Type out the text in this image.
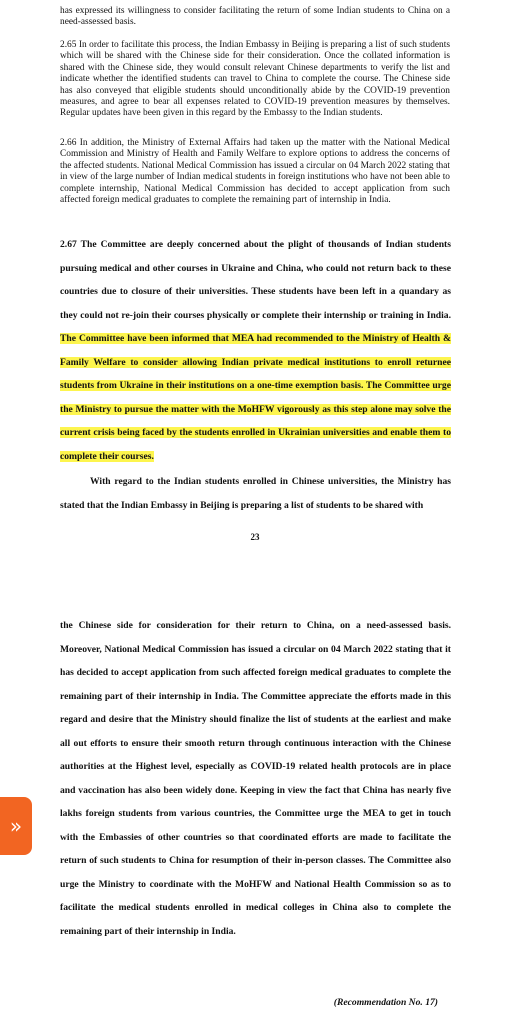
has expressed its willingness to consider facilitating the return of some Indian students to China on a need-assessed basis.

2.65 In order to facilitate this process, the Indian Embassy in Beijing is preparing a list of such students which will be shared with the Chinese side for their consideration. Once the collated information is shared with the Chinese side, they would consult relevant Chinese departments to verify the list and indicate whether the identified students can travel to China to complete the course. The Chinese side has also conveyed that eligible students should unconditionally abide by the COVID-19 prevention measures, and agree to bear all expenses related to COVID-19 prevention measures by themselves. Regular updates have been given in this regard by the Embassy to the Indian students.

2.66 In addition, the Ministry of External Affairs had taken up the matter with the National Medical Commission and Ministry of Health and Family Welfare to explore options to address the concerns of the affected students. National Medical Commission has issued a circular on 04 March 2022 stating that in view of the large number of Indian medical students in foreign institutions who have not been able to complete internship, National Medical Commission has decided to accept application from such affected foreign medical graduates to complete the remaining part of internship in India.

2.67 The Committee are deeply concerned about the plight of thousands of Indian students pursuing medical and other courses in Ukraine and China, who could not return back to these countries due to closure of their universities. These students have been left in a quandary as they could not re-join their courses physically or complete their internship or training in India. The Committee have been informed that MEA had recommended to the Ministry of Health & Family Welfare to consider allowing Indian private medical institutions to enroll returnee students from Ukraine in their institutions on a one-time exemption basis. The Committee urge the Ministry to pursue the matter with the MoHFW vigorously as this step alone may solve the current crisis being faced by the students enrolled in Ukrainian universities and enable them to complete their courses.

With regard to the Indian students enrolled in Chinese universities, the Ministry has stated that the Indian Embassy in Beijing is preparing a list of students to be shared with

23

the Chinese side for consideration for their return to China, on a need-assessed basis. Moreover, National Medical Commission has issued a circular on 04 March 2022 stating that it has decided to accept application from such affected foreign medical graduates to complete the remaining part of their internship in India. The Committee appreciate the efforts made in this regard and desire that the Ministry should finalize the list of students at the earliest and make all out efforts to ensure their smooth return through continuous interaction with the Chinese authorities at the Highest level, especially as COVID-19 related health protocols are in place and vaccination has also been widely done. Keeping in view the fact that China has nearly five lakhs foreign students from various countries, the Committee urge the MEA to get in touch with the Embassies of other countries so that coordinated efforts are made to facilitate the return of such students to China for resumption of their in-person classes. The Committee also urge the Ministry to coordinate with the MoHFW and National Health Commission so as to facilitate the medical students enrolled in medical colleges in China also to complete the remaining part of their internship in India.

(Recommendation No. 17)
»
